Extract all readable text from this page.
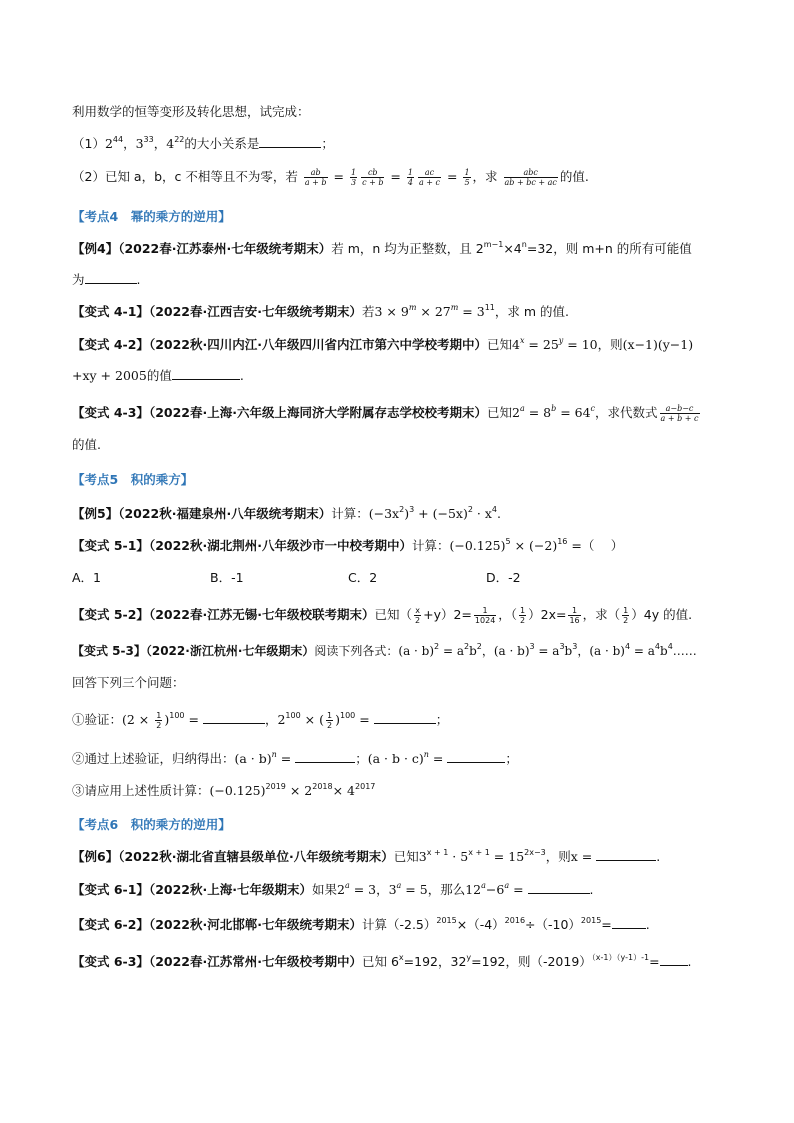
利用数学的恒等变形及转化思想，试完成：
$(1)2^{44}$，$3^{33}$，$4^{22}$的大小关系是	；
（2）已知 a，b，c 不相等且不为零，若 $\frac{ab}{a + b} = \frac{1}{3} \frac{cb}{c + b} = \frac{1}{4} \frac{ac}{a + c} = \frac{1}{5}$ ，求 $\frac{\text{abc}}{ab + bc + ac}$ 的值.
【考点4　幂的乘方的逆用】
【例4】（2022春·江苏泰州·七年级统考期末）若 m，n 均为正整数，且 $2^{m-1}\times 4^n=32$，则 m+n 的所有可能值
为	.
【变式 4-1】（2022春·江西吉安·七年级统考期末）若$3 \times 9^m \times 27^m = 3^{11}$，求 m 的值.
【变式 4-2】（2022秋·四川内江·八年级四川省内江市第六中学校考期中）已知$4^x = 25^y = 10$，则(x−1)(y−1)
+xy + 2005的值	.
【变式 4-3】（2022春·上海·六年级上海同济大学附属存志学校校考期末）已知$2^a = 8^b = 64^c$，求代数式 $\frac{a-b-c}{a + b + c}$
的值.
【考点5　积的乘方】
【例5】（2022秋·福建泉州·八年级统考期末）计算：$(-3x^2)^3 + (-5x)^2 \cdot x^4$.
【变式 5-1】（2022秋·湖北荆州·八年级沙市一中校考期中）计算：$(-0.125)^5 \times (-2)^{16}$ =（　 ）
A．1	B．-1	C．2	D．-2
【变式 5-2】（2022春·江苏无锡·七年级校联考期末）已知（ $\frac{x}{2} +y)2= \frac{1}{1024}$ ，（ $\frac{1}{2} )2x= \frac{1}{16}$ ，求（ $\frac{1}{2} )4y$ 的值.
【变式 5-3】（2022·浙江杭州·七年级期末）阅读下列各式：$(a \cdot b)^2 = a^2b^2$，$(a \cdot b)^3 = a^3b^3$，$(a \cdot b)^4$ = $a^4b^4\dots\dots$
回答下列三个问题：
①验证：$(2 \times \frac{1}{2} )^{100}$ =	，$2^{100}$ × ( $\frac{1}{2} )^{100}$ =	；
②通过上述验证，归纳得出：$(a \cdot b)^n$ =	；$(a \cdot b \cdot c)^n$ =	；
③请应用上述性质计算：$(-0.125)^{2019} \times 2^{2018}\times 4^{2017}$
【考点6　积的乘方的逆用】
【例6】（2022秋·湖北省直辖县级单位·八年级统考期末）已知$3^{x + 1} \cdot 5^{x + 1} = 15^{2x-3}$，则x =	.
【变式 6-1】（2022秋·上海·七年级期末）如果$2^a = 3$，$3^a = 5$，那么$12^a-6^a$ =	.
【变式 6-2】（2022秋·河北邯郸·七年级统考期末）计算$(-2.5)^{2015}\times(-4)^{2016}\div(-10)^{2015}=$	.
【变式 6-3】（2022春·江苏常州·七年级校考期中）已知 $6^x=192$，$32^y=192$，则$(-2019)^{(x-1)(y-1)-1}=$ .
